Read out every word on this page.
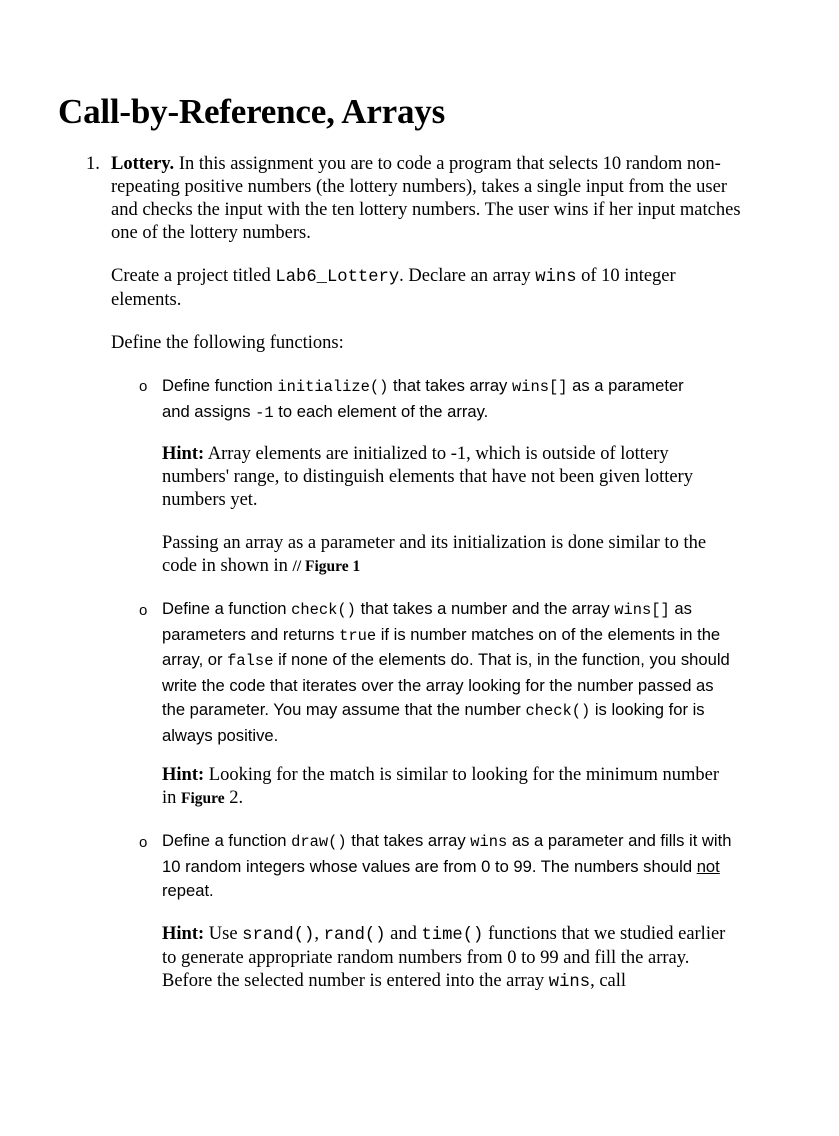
Call-by-Reference, Arrays
1. Lottery. In this assignment you are to code a program that selects 10 random non-repeating positive numbers (the lottery numbers), takes a single input from the user and checks the input with the ten lottery numbers. The user wins if her input matches one of the lottery numbers.

Create a project titled Lab6_Lottery. Declare an array wins of 10 integer elements.

Define the following functions:

o Define function initialize() that takes array wins[] as a parameter and assigns -1 to each element of the array.

Hint: Array elements are initialized to -1, which is outside of lottery numbers' range, to distinguish elements that have not been given lottery numbers yet.

Passing an array as a parameter and its initialization is done similar to the code in shown in // Figure 1

o Define a function check() that takes a number and the array wins[] as parameters and returns true if is number matches on of the elements in the array, or false if none of the elements do. That is, in the function, you should write the code that iterates over the array looking for the number passed as the parameter. You may assume that the number check() is looking for is always positive.

Hint: Looking for the match is similar to looking for the minimum number in Figure 2.

o Define a function draw() that takes array wins as a parameter and fills it with 10 random integers whose values are from 0 to 99. The numbers should not repeat.

Hint: Use srand(), rand() and time() functions that we studied earlier to generate appropriate random numbers from 0 to 99 and fill the array. Before the selected number is entered into the array wins, call
